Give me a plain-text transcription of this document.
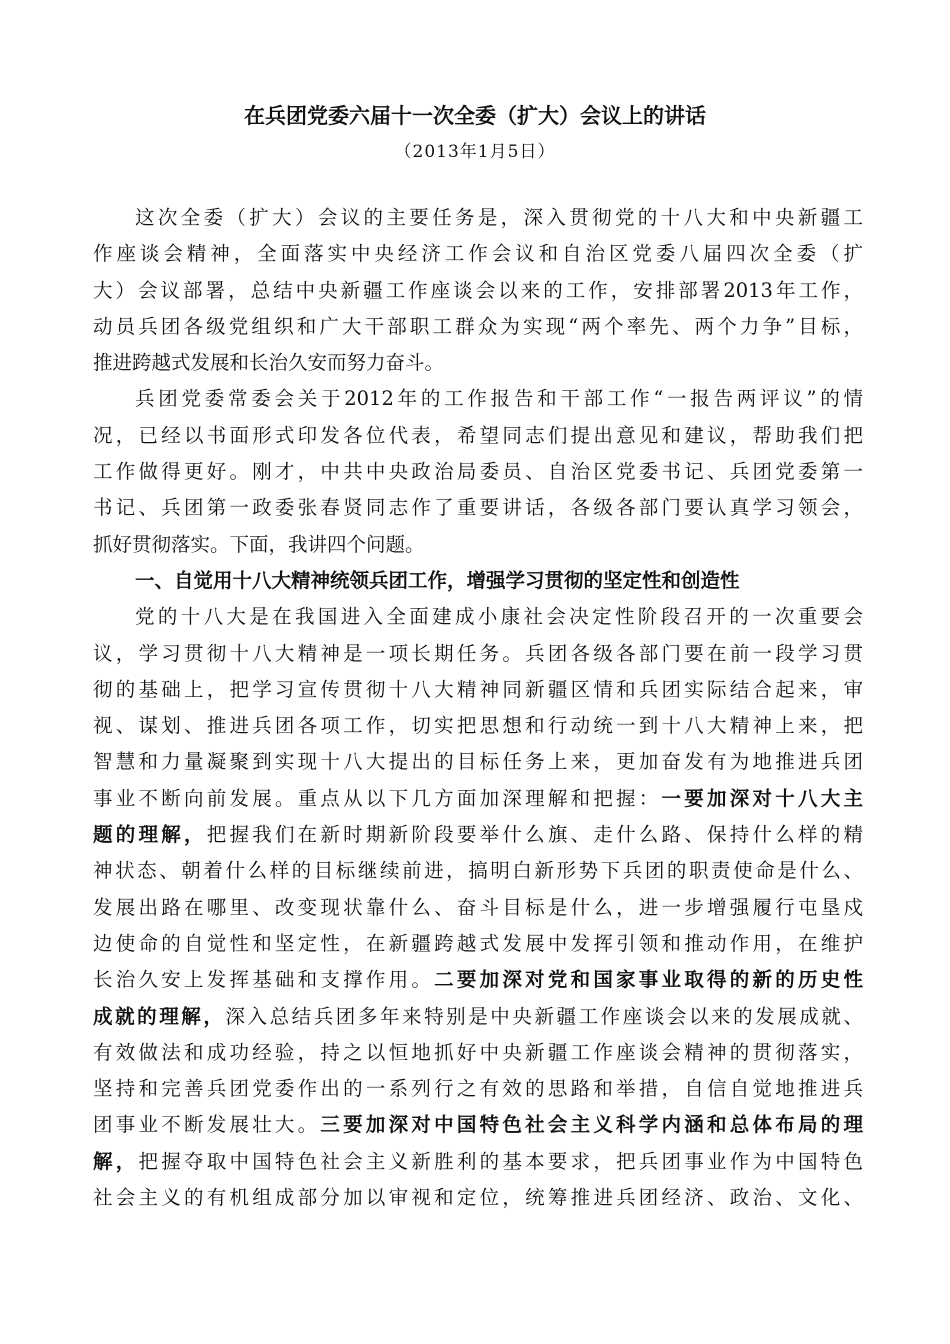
在兵团党委六届十一次全委（扩大）会议上的讲话
（2013年1月5日）
这次全委（扩大）会议的主要任务是，深入贯彻党的十八大和中央新疆工
作座谈会精神，全面落实中央经济工作会议和自治区党委八届四次全委（扩
大）会议部署，总结中央新疆工作座谈会以来的工作，安排部署2013年工作，
动员兵团各级党组织和广大干部职工群众为实现“两个率先、两个力争”目标，
推进跨越式发展和长治久安而努力奋斗。
兵团党委常委会关于2012年的工作报告和干部工作“一报告两评议”的情
况，已经以书面形式印发各位代表，希望同志们提出意见和建议，帮助我们把
工作做得更好。刚才，中共中央政治局委员、自治区党委书记、兵团党委第一
书记、兵团第一政委张春贤同志作了重要讲话，各级各部门要认真学习领会，
抓好贯彻落实。下面，我讲四个问题。
一、自觉用十八大精神统领兵团工作，增强学习贯彻的坚定性和创造性
党的十八大是在我国进入全面建成小康社会决定性阶段召开的一次重要会
议，学习贯彻十八大精神是一项长期任务。兵团各级各部门要在前一段学习贯
彻的基础上，把学习宣传贯彻十八大精神同新疆区情和兵团实际结合起来，审
视、谋划、推进兵团各项工作，切实把思想和行动统一到十八大精神上来，把
智慧和力量凝聚到实现十八大提出的目标任务上来，更加奋发有为地推进兵团
事业不断向前发展。重点从以下几方面加深理解和把握：一要加深对十八大主
题的理解，把握我们在新时期新阶段要举什么旗、走什么路、保持什么样的精
神状态、朝着什么样的目标继续前进，搞明白新形势下兵团的职责使命是什么、
发展出路在哪里、改变现状靠什么、奋斗目标是什么，进一步增强履行屯垦戍
边使命的自觉性和坚定性，在新疆跨越式发展中发挥引领和推动作用，在维护
长治久安上发挥基础和支撑作用。二要加深对党和国家事业取得的新的历史性
成就的理解，深入总结兵团多年来特别是中央新疆工作座谈会以来的发展成就、
有效做法和成功经验，持之以恒地抓好中央新疆工作座谈会精神的贯彻落实，
坚持和完善兵团党委作出的一系列行之有效的思路和举措，自信自觉地推进兵
团事业不断发展壮大。三要加深对中国特色社会主义科学内涵和总体布局的理
解，把握夺取中国特色社会主义新胜利的基本要求，把兵团事业作为中国特色
社会主义的有机组成部分加以审视和定位，统筹推进兵团经济、政治、文化、
